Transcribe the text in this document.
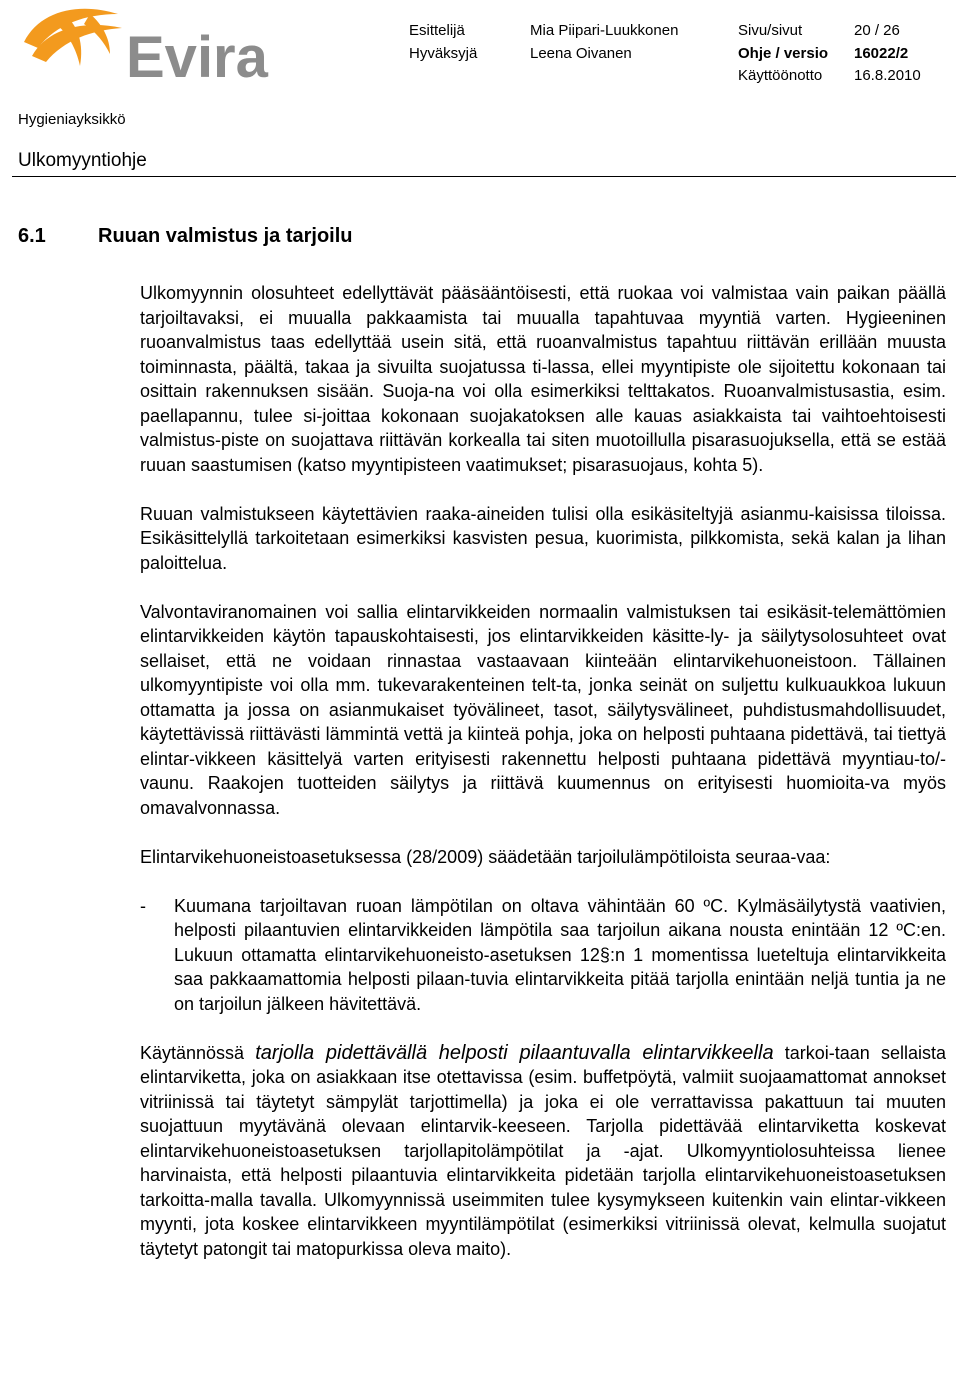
Evira	Esittelijä	Mia Piipari-Luukkonen	Sivu/sivut	20 / 26
Hyväksyjä	Leena Oivanen	Ohje / versio 16022/2
Käyttöönotto 16.8.2010
Hygieniayksikkö
Ulkomyyntiohje
6.1	Ruuan valmistus ja tarjoilu

Ulkomyynnin olosuhteet edellyttävät pääsääntöisesti, että ruokaa voi valmistaa vain paikan päällä tarjoiltavaksi, ei muualla pakkaamista tai muualla tapahtuvaa myyntiä varten. Hygieeninen ruoanvalmistus taas edellyttää usein sitä, että ruoanvalmistus tapahtuu riittävän erillään muusta toiminnasta, päältä, takaa ja sivuilta suojatussa ti-lassa, ellei myyntipiste ole sijoitettu kokonaan tai osittain rakennuksen sisään. Suoja-na voi olla esimerkiksi telttakatos. Ruoanvalmistusastia, esim. paellapannu, tulee si-joittaa kokonaan suojakatoksen alle kauas asiakkaista tai vaihtoehtoisesti valmistus-piste on suojattava riittävän korkealla tai siten muotoillulla pisarasuojuksella, että se estää ruuan saastumisen (katso myyntipisteen vaatimukset; pisarasuojaus, kohta 5).

Ruuan valmistukseen käytettävien raaka-aineiden tulisi olla esikäsiteltyjä asianmu-kaisissa tiloissa. Esikäsittelyllä tarkoitetaan esimerkiksi kasvisten pesua, kuorimista, pilkkomista, sekä kalan ja lihan paloittelua.

Valvontaviranomainen voi sallia elintarvikkeiden normaalin valmistuksen tai esikäsit-telemättömien elintarvikkeiden käytön tapauskohtaisesti, jos elintarvikkeiden käsitte-ly- ja säilytysolosuhteet ovat sellaiset, että ne voidaan rinnastaa vastaavaan kiinteään elintarvikehuoneistoon. Tällainen ulkomyyntipiste voi olla mm. tukevarakenteinen telt-ta, jonka seinät on suljettu kulkuaukkoa lukuun ottamatta ja jossa on asianmukaiset työvälineet, tasot, säilytysvälineet, puhdistusmahdollisuudet, käytettävissä riittävästi lämmintä vettä ja kiinteä pohja, joka on helposti puhtaana pidettävä, tai tiettyä elintar-vikkeen käsittelyä varten erityisesti rakennettu helposti puhtaana pidettävä myyntiau-to/-vaunu. Raakojen tuotteiden säilytys ja riittävä kuumennus on erityisesti huomioita-va myös omavalvonnassa.

Elintarvikehuoneistoasetuksessa (28/2009) säädetään tarjoilulämpötiloista seuraa-vaa:

-	Kuumana tarjoiltavan ruoan lämpötilan on oltava vähintään 60 ºC. Kylmäsäilytystä vaativien, helposti pilaantuvien elintarvikkeiden lämpötila saa tarjoilun aikana nousta enintään 12 ºC:en. Lukuun ottamatta elintarvikehuoneisto-asetuksen 12§:n 1 momentissa lueteltuja elintarvikkeita saa pakkaamattomia helposti pilaan-tuvia elintarvikkeita pitää tarjolla enintään neljä tuntia ja ne on tarjoilun jälkeen hävitettävä.

Käytännössä tarjolla pidettävällä helposti pilaantuvalla elintarvikkeella tarkoi-taan sellaista elintarviketta, joka on asiakkaan itse otettavissa (esim. buffetpöytä, valmiit suojaamattomat annokset vitriinissä tai täytetyt sämpylät tarjottimella) ja joka ei ole verrattavissa pakattuun tai muuten suojattuun myytävänä olevaan elintarvik-keeseen. Tarjolla pidettävää elintarviketta koskevat elintarvikehuoneistoasetuksen tarjollapitolämpötilat ja -ajat. Ulkomyyntiolosuhteissa lienee harvinaista, että helposti pilaantuvia elintarvikkeita pidetään tarjolla elintarvikehuoneistoasetuksen tarkoitta-malla tavalla. Ulkomyynnissä useimmiten tulee kysymykseen kuitenkin vain elintar-vikkeen myynti, jota koskee elintarvikkeen myyntilämpötilat (esimerkiksi vitriinissä olevat, kelmulla suojatut täytetyt patongit tai matopurkissa oleva maito).
